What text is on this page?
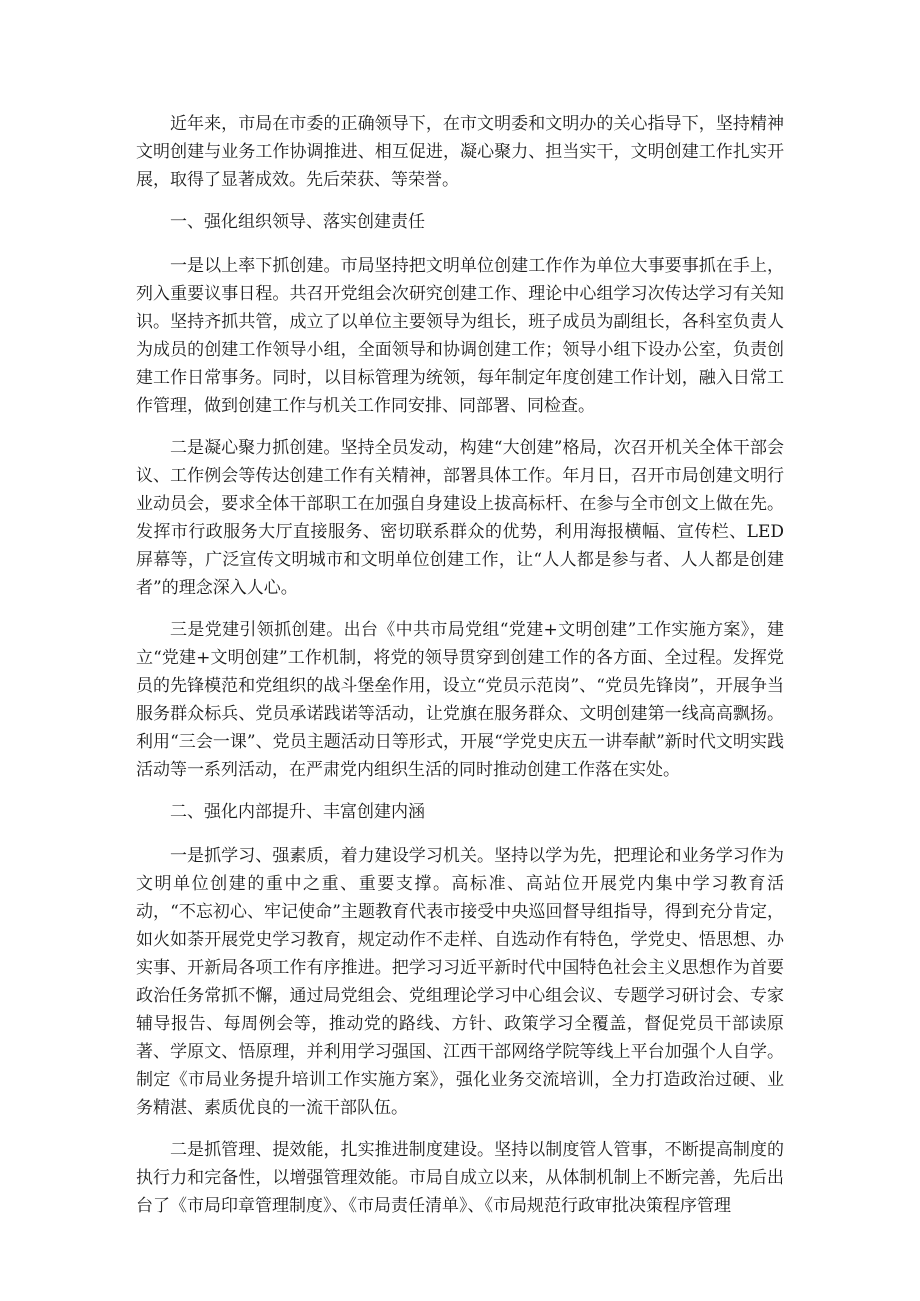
近年来，市局在市委的正确领导下，在市文明委和文明办的关心指导下，坚持精神文明创建与业务工作协调推进、相互促进，凝心聚力、担当实干，文明创建工作扎实开展，取得了显著成效。先后荣获、等荣誉。

一、强化组织领导、落实创建责任

一是以上率下抓创建。市局坚持把文明单位创建工作作为单位大事要事抓在手上，列入重要议事日程。共召开党组会次研究创建工作、理论中心组学习次传达学习有关知识。坚持齐抓共管，成立了以单位主要领导为组长，班子成员为副组长，各科室负责人为成员的创建工作领导小组，全面领导和协调创建工作；领导小组下设办公室，负责创建工作日常事务。同时，以目标管理为统领，每年制定年度创建工作计划，融入日常工作管理，做到创建工作与机关工作同安排、同部署、同检查。

二是凝心聚力抓创建。坚持全员发动，构建“大创建”格局，次召开机关全体干部会议、工作例会等传达创建工作有关精神，部署具体工作。年月日，召开市局创建文明行业动员会，要求全体干部职工在加强自身建设上拔高标杆、在参与全市创文上做在先。发挥市行政服务大厅直接服务、密切联系群众的优势，利用海报横幅、宣传栏、LED屏幕等，广泛宣传文明城市和文明单位创建工作，让“人人都是参与者、人人都是创建者”的理念深入人心。

三是党建引领抓创建。出台《中共市局党组“党建+文明创建”工作实施方案》，建立“党建+文明创建”工作机制，将党的领导贯穿到创建工作的各方面、全过程。发挥党员的先锋模范和党组织的战斗堡垒作用，设立“党员示范岗”、“党员先锋岗”，开展争当服务群众标兵、党员承诺践诺等活动，让党旗在服务群众、文明创建第一线高高飘扬。利用“三会一课”、党员主题活动日等形式，开展“学党史庆五一讲奉献”新时代文明实践活动等一系列活动，在严肃党内组织生活的同时推动创建工作落在实处。

二、强化内部提升、丰富创建内涵

一是抓学习、强素质，着力建设学习机关。坚持以学为先，把理论和业务学习作为文明单位创建的重中之重、重要支撑。高标准、高站位开展党内集中学习教育活动，“不忘初心、牢记使命”主题教育代表市接受中央巡回督导组指导，得到充分肯定，如火如荼开展党史学习教育，规定动作不走样、自选动作有特色，学党史、悟思想、办实事、开新局各项工作有序推进。把学习习近平新时代中国特色社会主义思想作为首要政治任务常抓不懈，通过局党组会、党组理论学习中心组会议、专题学习研讨会、专家辅导报告、每周例会等，推动党的路线、方针、政策学习全覆盖，督促党员干部读原著、学原文、悟原理，并利用学习强国、江西干部网络学院等线上平台加强个人自学。制定《市局业务提升培训工作实施方案》，强化业务交流培训，全力打造政治过硬、业务精湛、素质优良的一流干部队伍。

二是抓管理、提效能，扎实推进制度建设。坚持以制度管人管事，不断提高制度的执行力和完备性，以增强管理效能。市局自成立以来，从体制机制上不断完善，先后出台了《市局印章管理制度》、《市局责任清单》、《市局规范行政审批决策程序管理
